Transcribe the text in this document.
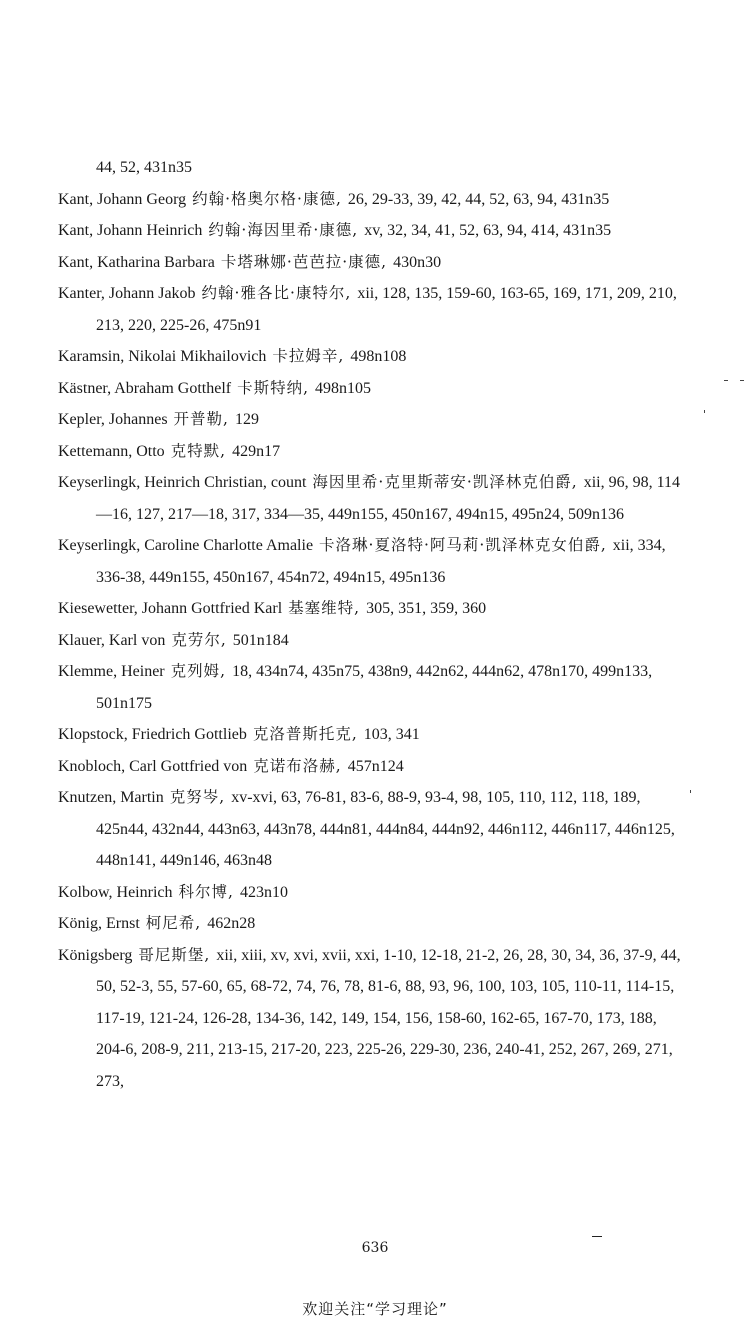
44, 52, 431n35

Kant, Johann Georg 约翰·格奥尔格·康德, 26, 29-33, 39, 42, 44, 52, 63, 94, 431n35

Kant, Johann Heinrich 约翰·海因里希·康德, xv, 32, 34, 41, 52, 63, 94, 414, 431n35

Kant, Katharina Barbara 卡塔琳娜·芭芭拉·康德, 430n30

Kanter, Johann Jakob 约翰·雅各比·康特尔, xii, 128, 135, 159-60, 163-65, 169, 171, 209, 210, 213, 220, 225-26, 475n91

Karamsin, Nikolai Mikhailovich 卡拉姆辛, 498n108

Kästner, Abraham Gotthelf 卡斯特纳, 498n105

Kepler, Johannes 开普勒, 129

Kettemann, Otto 克特默, 429n17

Keyserlingk, Heinrich Christian, count 海因里希·克里斯蒂安·凯泽林克伯爵, xii, 96, 98, 114—16, 127, 217—18, 317, 334—35, 449n155, 450n167, 494n15, 495n24, 509n136

Keyserlingk, Caroline Charlotte Amalie 卡洛琳·夏洛特·阿马莉·凯泽林克女伯爵, xii, 334, 336-38, 449n155, 450n167, 454n72, 494n15, 495n136

Kiesewetter, Johann Gottfried Karl 基塞维特, 305, 351, 359, 360

Klauer, Karl von 克劳尔, 501n184

Klemme, Heiner 克列姆, 18, 434n74, 435n75, 438n9, 442n62, 444n62, 478n170, 499n133, 501n175

Klopstock, Friedrich Gottlieb 克洛普斯托克, 103, 341

Knobloch, Carl Gottfried von 克诺布洛赫, 457n124

Knutzen, Martin 克努岑, xv-xvi, 63, 76-81, 83-6, 88-9, 93-4, 98, 105, 110, 112, 118, 189, 425n44, 432n44, 443n63, 443n78, 444n81, 444n84, 444n92, 446n112, 446n117, 446n125, 448n141, 449n146, 463n48

Kolbow, Heinrich 科尔博, 423n10

König, Ernst 柯尼希, 462n28

Königsberg 哥尼斯堡, xii, xiii, xv, xvi, xvii, xxi, 1-10, 12-18, 21-2, 26, 28, 30, 34, 36, 37-9, 44, 50, 52-3, 55, 57-60, 65, 68-72, 74, 76, 78, 81-6, 88, 93, 96, 100, 103, 105, 110-11, 114-15, 117-19, 121-24, 126-28, 134-36, 142, 149, 154, 156, 158-60, 162-65, 167-70, 173, 188, 204-6, 208-9, 211, 213-15, 217-20, 223, 225-26, 229-30, 236, 240-41, 252, 267, 269, 271, 273,

636
欢迎关注“学习理论”
